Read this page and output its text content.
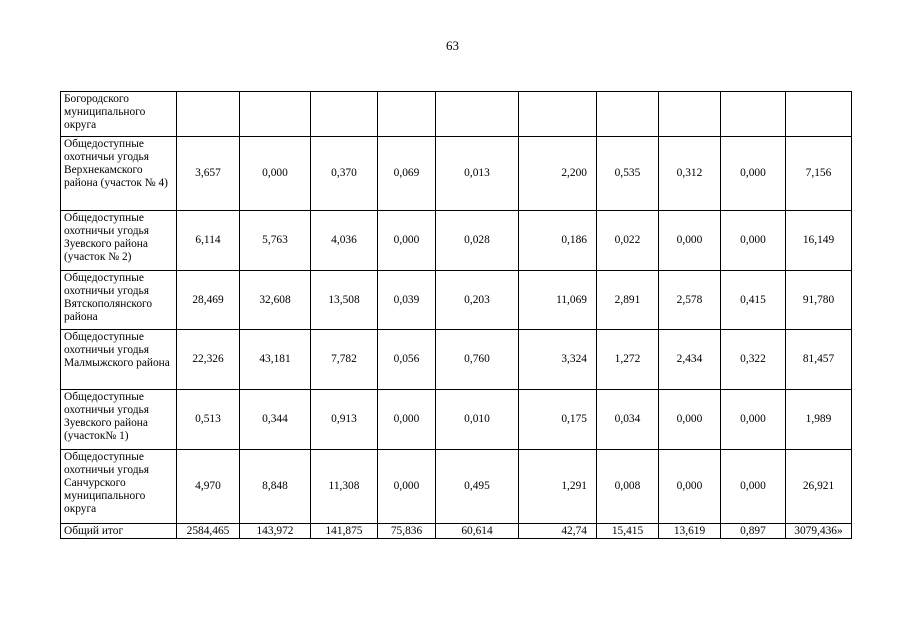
63
Богородского муниципального округа										
Общедоступные охотничьи угодья Верхнекамского района (участок № 4)	3,657	0,000	0,370	0,069	0,013	2,200	0,535	0,312	0,000	7,156
Общедоступные охотничьи угодья Зуевского района (участок № 2)	6,114	5,763	4,036	0,000	0,028	0,186	0,022	0,000	0,000	16,149
Общедоступные охотничьи угодья Вятскополянского района	28,469	32,608	13,508	0,039	0,203	11,069	2,891	2,578	0,415	91,780
Общедоступные охотничьи угодья Малмыжского района	22,326	43,181	7,782	0,056	0,760	3,324	1,272	2,434	0,322	81,457
Общедоступные охотничьи угодья Зуевского района (участок№ 1)	0,513	0,344	0,913	0,000	0,010	0,175	0,034	0,000	0,000	1,989
Общедоступные охотничьи угодья Санчурского муниципального округа	4,970	8,848	11,308	0,000	0,495	1,291	0,008	0,000	0,000	26,921
Общий итог	2584,465	143,972	141,875	75,836	60,614	42,74	15,415	13,619	0,897	3079,436»
